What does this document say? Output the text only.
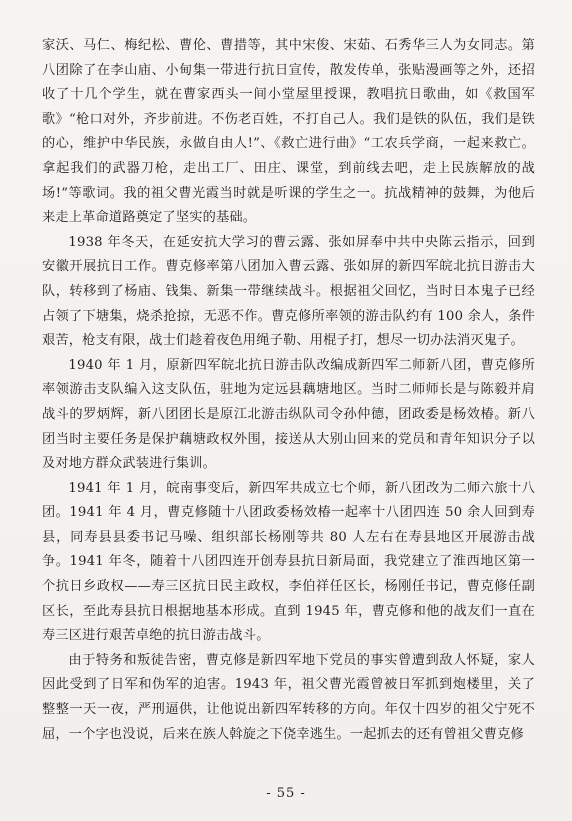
家沃、马仁、梅纪松、曹伦、曹措等，其中宋俊、宋茹、石秀华三人为女同志。第八团除了在李山庙、小甸集一带进行抗日宣传，散发传单，张贴漫画等之外，还招收了十几个学生，就在曹家西头一间小堂屋里授课，教唱抗日歌曲，如《救国军歌》“枪口对外，齐步前进。不伤老百姓，不打自己人。我们是铁的队伍，我们是铁的心，维护中华民族，永做自由人!”、《救亡进行曲》“工农兵学商，一起来救亡。拿起我们的武器刀枪，走出工厂、田庄、课堂，到前线去吧，走上民族解放的战场!”等歌词。我的祖父曹光霞当时就是听课的学生之一。抗战精神的鼓舞，为他后来走上革命道路奠定了坚实的基础。

1938 年冬天，在延安抗大学习的曹云露、张如屏奉中共中央陈云指示，回到安徽开展抗日工作。曹克修率第八团加入曹云露、张如屏的新四军皖北抗日游击大队，转移到了杨庙、钱集、新集一带继续战斗。根据祖父回忆，当时日本鬼子已经占领了下塘集，烧杀抢掠，无恶不作。曹克修所率领的游击队约有 100 余人，条件艰苦，枪支有限，战士们趁着夜色用绳子勒、用棍子打，想尽一切办法消灭鬼子。

1940 年 1 月，原新四军皖北抗日游击队改编成新四军二师新八团，曹克修所率领游击支队编入这支队伍，驻地为定远县藕塘地区。当时二师师长是与陈毅并肩战斗的罗炳辉，新八团团长是原江北游击纵队司令孙仲德，团政委是杨效椿。新八团当时主要任务是保护藕塘政权外围，接送从大别山回来的党员和青年知识分子以及对地方群众武装进行集训。

1941 年 1 月，皖南事变后，新四军共成立七个师，新八团改为二师六旅十八团。1941 年 4 月，曹克修随十八团政委杨效椿一起率十八团四连 50 余人回到寿县，同寿县县委书记马噪、组织部长杨刚等共 80 人左右在寿县地区开展游击战争。1941 年冬，随着十八团四连开创寿县抗日新局面，我党建立了淮西地区第一个抗日乡政权——寿三区抗日民主政权，李伯祥任区长，杨刚任书记，曹克修任副区长，至此寿县抗日根据地基本形成。直到 1945 年，曹克修和他的战友们一直在寿三区进行艰苦卓绝的抗日游击战斗。

由于特务和叛徒告密，曹克修是新四军地下党员的事实曾遭到敌人怀疑，家人因此受到了日军和伪军的迫害。1943 年，祖父曹光霞曾被日军抓到炮楼里，关了整整一天一夜，严刑逼供，让他说出新四军转移的方向。年仅十四岁的祖父宁死不屈，一个字也没说，后来在族人斡旋之下侥幸逃生。一起抓去的还有曾祖父曹克修

- 55 -
